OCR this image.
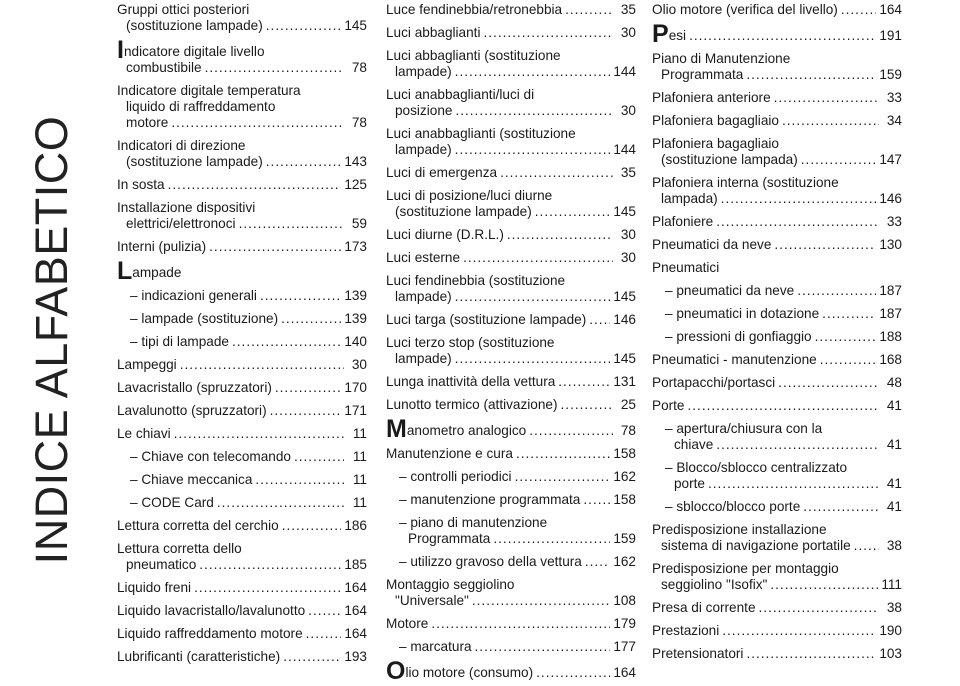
INDICE ALFABETICO
Gruppi ottici posteriori
(sostituzione lampade) .....	145
Indicatore digitale livello
combustibile .....	78
Indicatore digitale temperatura
liquido di raffreddamento
motore .....	78
Indicatori di direzione
(sostituzione lampade) .....	143
In sosta .....	125
Installazione dispositivi
elettrici/elettronoci .....	59
Interni (pulizia) .....	173
Lampade
– indicazioni generali .....	139
– lampade (sostituzione) .....	139
– tipi di lampade .....	140
Lampeggi .....	30
Lavacristallo (spruzzatori) .....	170
Lavalunotto (spruzzatori) .....	171
Le chiavi .....	11
– Chiave con telecomando .....	11
– Chiave meccanica .....	11
– CODE Card .....	11
Lettura corretta del cerchio .....	186
Lettura corretta dello
pneumatico .....	185
Liquido freni .....	164
Liquido lavacristallo/lavalunotto .....	164
Liquido raffreddamento motore .....	164
Lubrificanti (caratteristiche) .....	193
Luce fendinebbia/retronebbia .....	35
Luci abbaglianti .....	30
Luci abbaglianti (sostituzione
lampade) .....	144
Luci anabbaglianti/luci di
posizione .....	30
Luci anabbaglianti (sostituzione
lampade) .....	144
Luci di emergenza .....	35
Luci di posizione/luci diurne
(sostituzione lampade) .....	145
Luci diurne (D.R.L.) .....	30
Luci esterne .....	30
Luci fendinebbia (sostituzione
lampade) .....	145
Luci targa (sostituzione lampade) ..... 146
Luci terzo stop (sostituzione
lampade) .....	145
Lunga inattività della vettura .....	131
Lunotto termico (attivazione) .....	25
Manometro analogico .....	78
Manutenzione e cura .....	158
– controlli periodici .....	162
– manutenzione programmata ..... 158
– piano di manutenzione
Programmata .....	159
– utilizzo gravoso della vettura ..... 162
Montaggio seggiolino
"Universale" .....	108
Motore .....	179
– marcatura .....	177
Olio motore (consumo) .....	164
Olio motore (verifica del livello) .....	164
Pesi .....	191
Piano di Manutenzione
Programmata .....	159
Plafoniera anteriore .....	33
Plafoniera bagagliaio .....	34
Plafoniera bagagliaio
(sostituzione lampada) .....	147
Plafoniera interna (sostituzione
lampada) .....	146
Plafoniere .....	33
Pneumatici da neve .....	130
Pneumatici
– pneumatici da neve .....	187
– pneumatici in dotazione .....	187
– pressioni di gonfiaggio .....	188
Pneumatici - manutenzione .....	168
Portapacchi/portasci .....	48
Porte .....	41
– apertura/chiusura con la
chiave .....	41
– Blocco/sblocco centralizzato
porte .....	41
– sblocco/blocco porte .....	41
Predisposizione installazione
sistema di navigazione portatile .....	38
Predisposizione per montaggio
seggiolino "Isofix" .....	111
Presa di corrente .....	38
Prestazioni .....	190
Pretensionatori .....	103
